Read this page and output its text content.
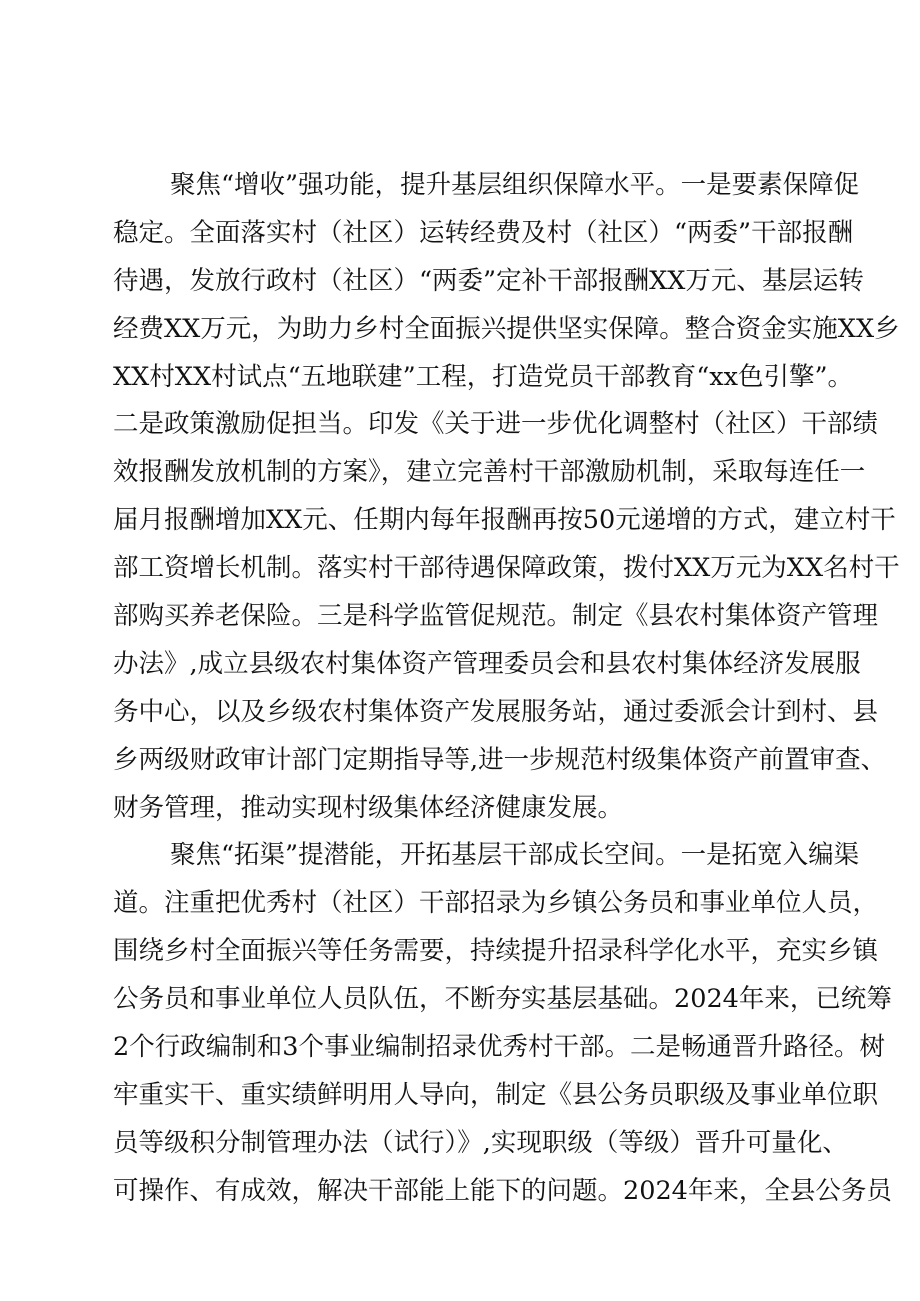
聚焦“增收”强功能，提升基层组织保障水平。一是要素保障促
稳定。全面落实村（社区）运转经费及村（社区）“两委”干部报酬
待遇，发放行政村（社区）“两委”定补干部报酬XX万元、基层运转
经费XX万元，为助力乡村全面振兴提供坚实保障。整合资金实施XX乡
XX村XX村试点“五地联建”工程，打造党员干部教育“xx色引擎”。
二是政策激励促担当。印发《关于进一步优化调整村（社区）干部绩
效报酬发放机制的方案》，建立完善村干部激励机制，采取每连任一
届月报酬增加XX元、任期内每年报酬再按50元递增的方式，建立村干
部工资增长机制。落实村干部待遇保障政策，拨付XX万元为XX名村干
部购买养老保险。三是科学监管促规范。制定《县农村集体资产管理
办法》,成立县级农村集体资产管理委员会和县农村集体经济发展服
务中心，以及乡级农村集体资产发展服务站，通过委派会计到村、县
乡两级财政审计部门定期指导等,进一步规范村级集体资产前置审查、
财务管理，推动实现村级集体经济健康发展。
聚焦“拓渠”提潜能，开拓基层干部成长空间。一是拓宽入编渠
道。注重把优秀村（社区）干部招录为乡镇公务员和事业单位人员，
围绕乡村全面振兴等任务需要，持续提升招录科学化水平，充实乡镇
公务员和事业单位人员队伍，不断夯实基层基础。2024年来，已统筹
2个行政编制和3个事业编制招录优秀村干部。二是畅通晋升路径。树
牢重实干、重实绩鲜明用人导向，制定《县公务员职级及事业单位职
员等级积分制管理办法（试行）》,实现职级（等级）晋升可量化、
可操作、有成效，解决干部能上能下的问题。2024年来，全县公务员
